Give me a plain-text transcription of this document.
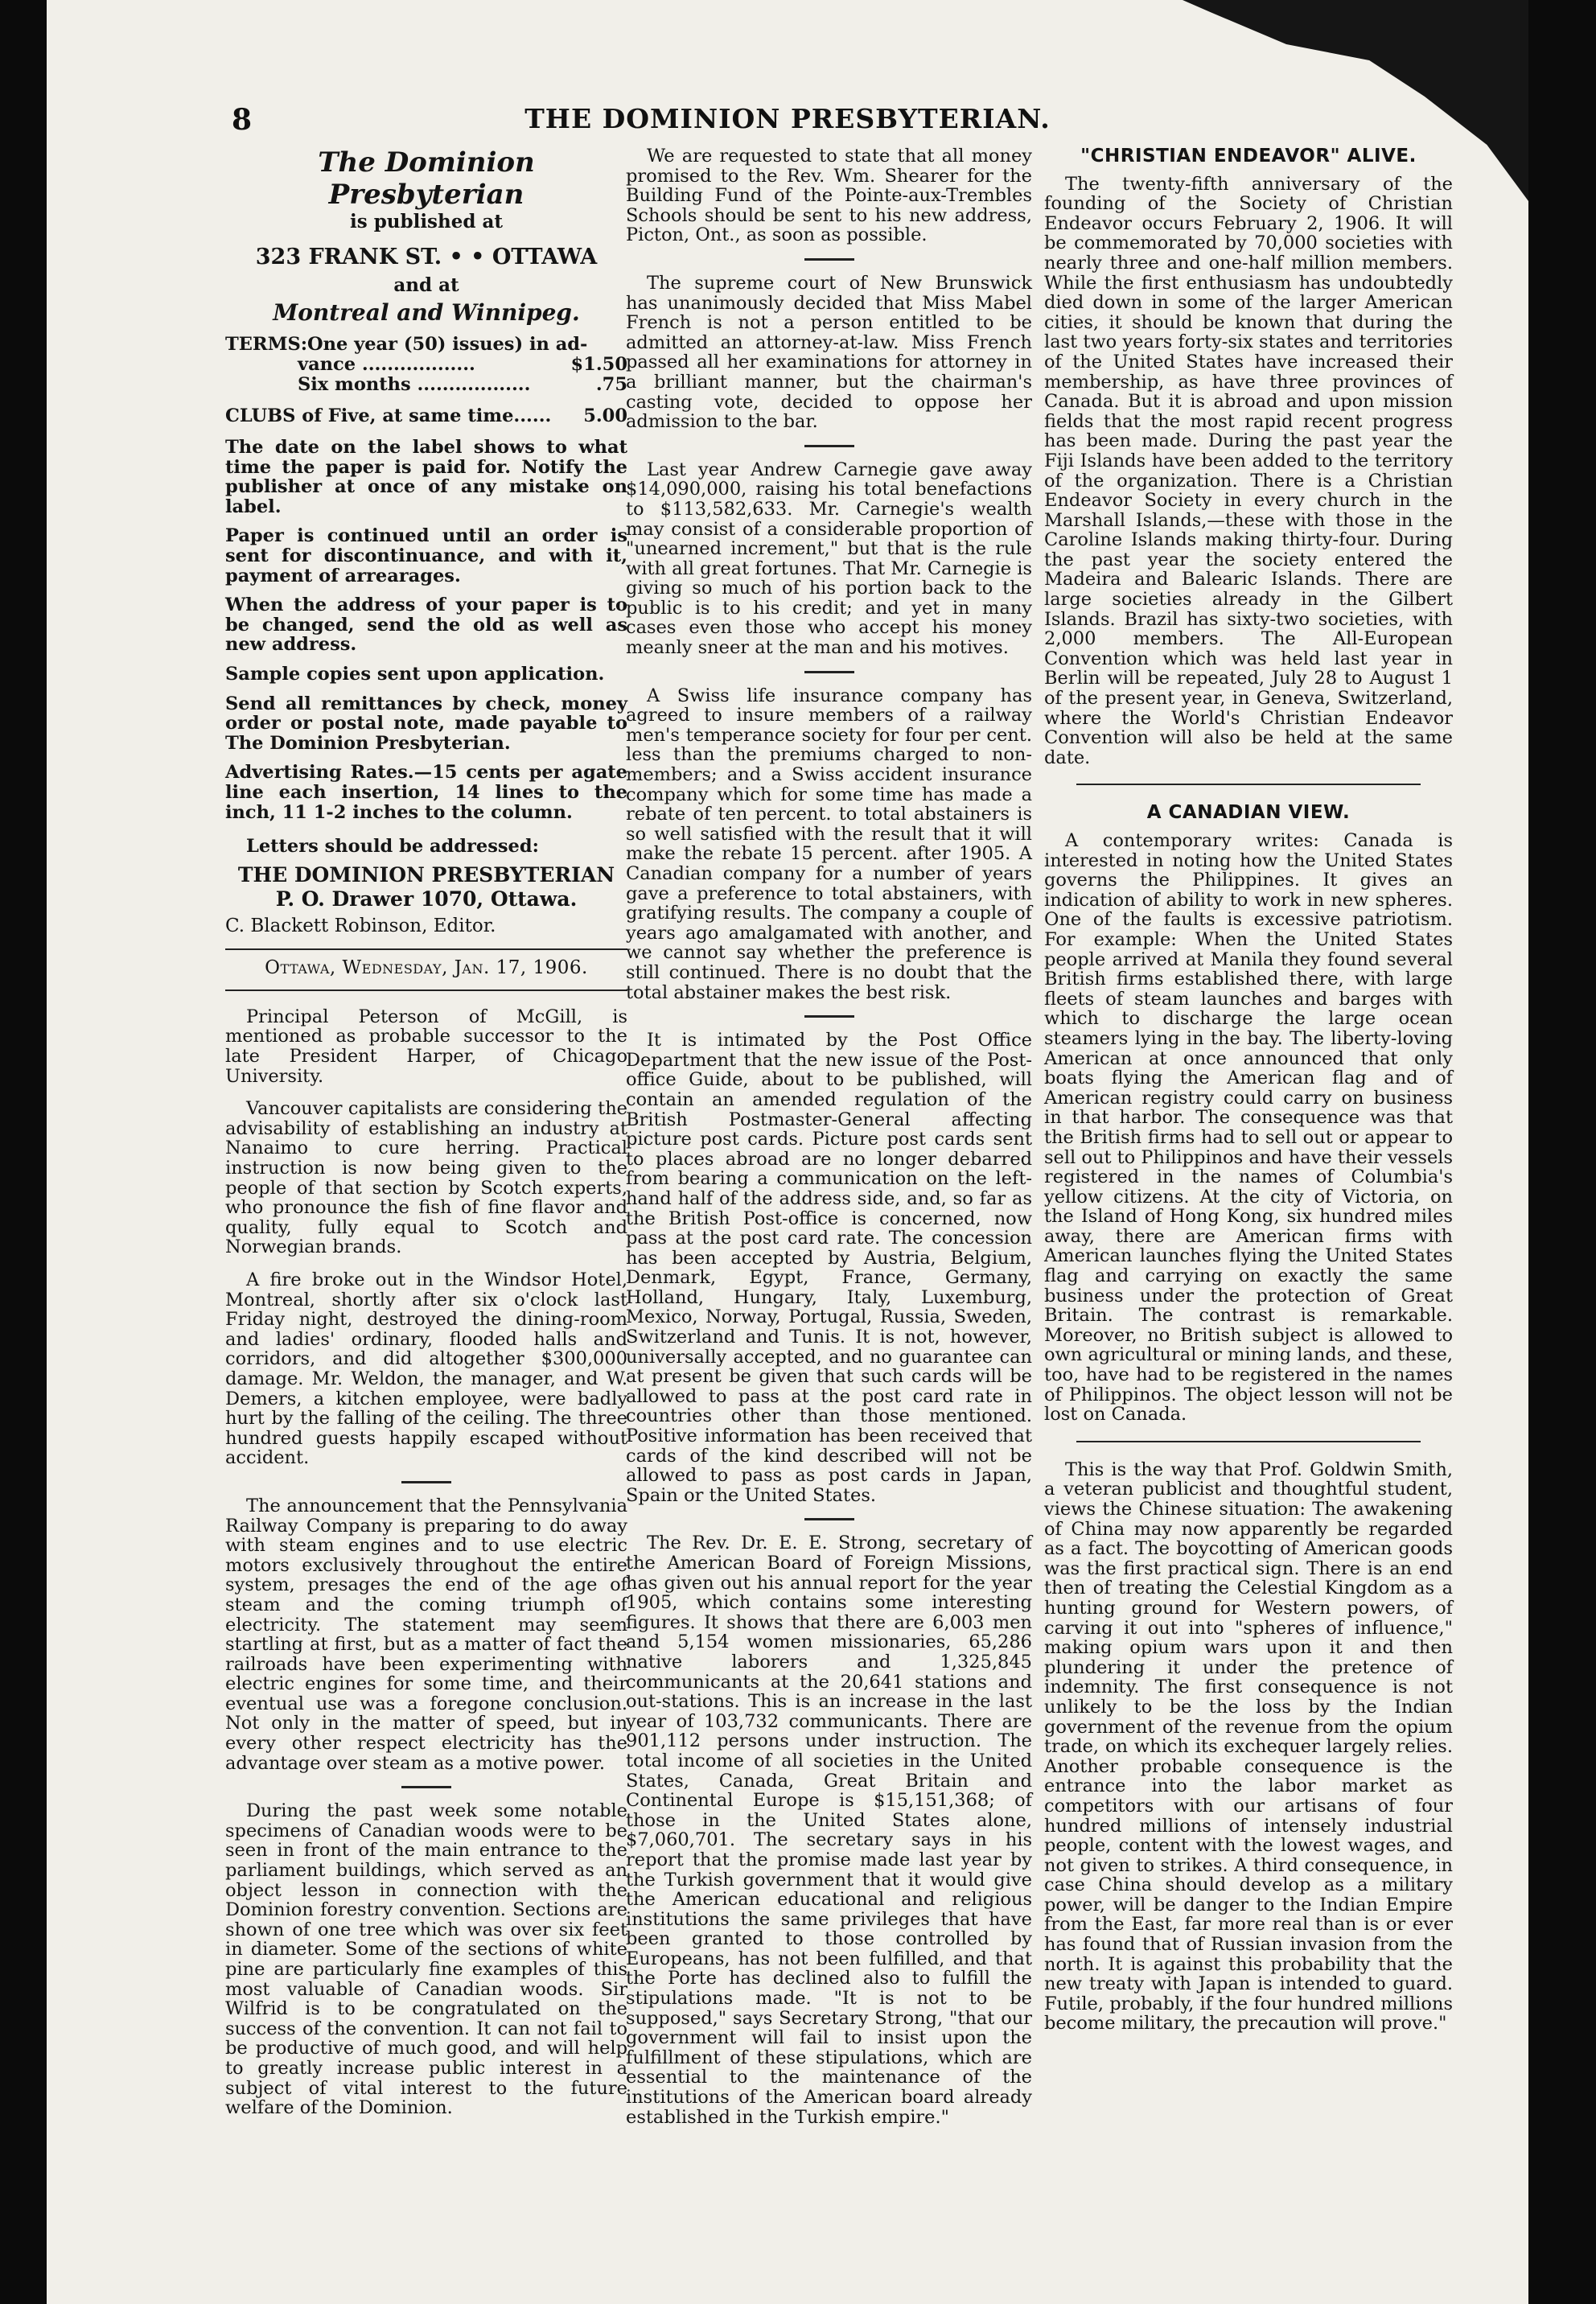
8	THE DOMINION PRESBYTERIAN.
The Dominion Presbyterian
is published at
323 FRANK ST. • • OTTAWA
and at
Montreal and Winnipeg.
TERMS:One year (50) issues) in ad-
vance ..................	$1.50
Six months ..................	.75
CLUBS of Five, at same time...... 5.00

The date on the label shows to what time the paper is paid for. Notify the publisher at once of any mistake on label.

Paper is continued until an order is sent for discontinuance, and with it, payment of arrearages.

When the address of your paper is to be changed, send the old as well as new address.

Sample copies sent upon application.

Send all remittances by check, money order or postal note, made payable to The Dominion Presbyterian.

Advertising Rates.—15 cents per agate line each insertion, 14 lines to the inch, 11 1-2 inches to the column.

Letters should be addressed:
THE DOMINION PRESBYTERIAN
P. O. Drawer 1070, Ottawa.

C. Blackett Robinson, Editor.

Ottawa, Wednesday, Jan. 17, 1906.

Principal Peterson of McGill, is mentioned as probable successor to the late President Harper, of Chicago University.

Vancouver capitalists are considering the advisability of establishing an industry at Nanaimo to cure herring. Practical instruction is now being given to the people of that section by Scotch experts, who pronounce the fish of fine flavor and quality, fully equal to Scotch and Norwegian brands.

A fire broke out in the Windsor Hotel, Montreal, shortly after six o'clock last Friday night, destroyed the dining-room and ladies' ordinary, flooded halls and corridors, and did altogether $300,000 damage. Mr. Weldon, the manager, and W. Demers, a kitchen employee, were badly hurt by the falling of the ceiling. The three hundred guests happily escaped without accident.

The announcement that the Pennsylvania Railway Company is preparing to do away with steam engines and to use electric motors exclusively throughout the entire system, presages the end of the age of steam and the coming triumph of electricity. The statement may seem startling at first, but as a matter of fact the railroads have been experimenting with electric engines for some time, and their eventual use was a foregone conclusion. Not only in the matter of speed, but in every other respect electricity has the advantage over steam as a motive power.

During the past week some notable specimens of Canadian woods were to be seen in front of the main entrance to the parliament buildings, which served as an object lesson in connection with the Dominion forestry convention. Sections are shown of one tree which was over six feet in diameter. Some of the sections of white pine are particularly fine examples of this most valuable of Canadian woods. Sir Wilfrid is to be congratulated on the success of the convention. It can not fail to be productive of much good, and will help to greatly increase public interest in a subject of vital interest to the future welfare of the Dominion.

We are requested to state that all money promised to the Rev. Wm. Shearer for the Building Fund of the Pointe-aux-Trembles Schools should be sent to his new address, Picton, Ont., as soon as possible.

The supreme court of New Brunswick has unanimously decided that Miss Mabel French is not a person entitled to be admitted an attorney-at-law. Miss French passed all her examinations for attorney in a brilliant manner, but the chairman's casting vote, decided to oppose her admission to the bar.

Last year Andrew Carnegie gave away $14,090,000, raising his total benefactions to $113,582,633. Mr. Carnegie's wealth may consist of a considerable proportion of "unearned increment," but that is the rule with all great fortunes. That Mr. Carnegie is giving so much of his portion back to the public is to his credit; and yet in many cases even those who accept his money meanly sneer at the man and his motives.

A Swiss life insurance company has agreed to insure members of a railway men's temperance society for four per cent. less than the premiums charged to non-members; and a Swiss accident insurance company which for some time has made a rebate of ten percent. to total abstainers is so well satisfied with the result that it will make the rebate 15 percent. after 1905. A Canadian company for a number of years gave a preference to total abstainers, with gratifying results. The company a couple of years ago amalgamated with another, and we cannot say whether the preference is still continued. There is no doubt that the total abstainer makes the best risk.

It is intimated by the Post Office Department that the new issue of the Post-office Guide, about to be published, will contain an amended regulation of the British Postmaster-General affecting picture post cards. Picture post cards sent to places abroad are no longer debarred from bearing a communication on the left-hand half of the address side, and, so far as the British Post-office is concerned, now pass at the post card rate. The concession has been accepted by Austria, Belgium, Denmark, Egypt, France, Germany, Holland, Hungary, Italy, Luxemburg, Mexico, Norway, Portugal, Russia, Sweden, Switzerland and Tunis. It is not, however, universally accepted, and no guarantee can at present be given that such cards will be allowed to pass at the post card rate in countries other than those mentioned. Positive information has been received that cards of the kind described will not be allowed to pass as post cards in Japan, Spain or the United States.

The Rev. Dr. E. E. Strong, secretary of the American Board of Foreign Missions, has given out his annual report for the year 1905, which contains some interesting figures. It shows that there are 6,003 men and 5,154 women missionaries, 65,286 native laborers and 1,325,845 communicants at the 20,641 stations and out-stations. This is an increase in the last year of 103,732 communicants. There are 901,112 persons under instruction. The total income of all societies in the United States, Canada, Great Britain and Continental Europe is $15,151,368; of those in the United States alone, $7,060,701. The secretary says in his report that the promise made last year by the Turkish government that it would give the American educational and religious institutions the same privileges that have been granted to those controlled by Europeans, has not been fulfilled, and that the Porte has declined also to fulfill the stipulations made. "It is not to be supposed," says Secretary Strong, "that our government will fail to insist upon the fulfillment of these stipulations, which are essential to the maintenance of the institutions of the American board already established in the Turkish empire."

"CHRISTIAN ENDEAVOR" ALIVE.

The twenty-fifth anniversary of the founding of the Society of Christian Endeavor occurs February 2, 1906. It will be commemorated by 70,000 societies with nearly three and one-half million members. While the first enthusiasm has undoubtedly died down in some of the larger American cities, it should be known that during the last two years forty-six states and territories of the United States have increased their membership, as have three provinces of Canada. But it is abroad and upon mission fields that the most rapid recent progress has been made. During the past year the Fiji Islands have been added to the territory of the organization. There is a Christian Endeavor Society in every church in the Marshall Islands,—these with those in the Caroline Islands making thirty-four. During the past year the society entered the Madeira and Balearic Islands. There are large societies already in the Gilbert Islands. Brazil has sixty-two societies, with 2,000 members. The All-European Convention which was held last year in Berlin will be repeated, July 28 to August 1 of the present year, in Geneva, Switzerland, where the World's Christian Endeavor Convention will also be held at the same date.

A CANADIAN VIEW.

A contemporary writes: Canada is interested in noting how the United States governs the Philippines. It gives an indication of ability to work in new spheres. One of the faults is excessive patriotism. For example: When the United States people arrived at Manila they found several British firms established there, with large fleets of steam launches and barges with which to discharge the large ocean steamers lying in the bay. The liberty-loving American at once announced that only boats flying the American flag and of American registry could carry on business in that harbor. The consequence was that the British firms had to sell out or appear to sell out to Philippinos and have their vessels registered in the names of Columbia's yellow citizens. At the city of Victoria, on the Island of Hong Kong, six hundred miles away, there are American firms with American launches flying the United States flag and carrying on exactly the same business under the protection of Great Britain. The contrast is remarkable. Moreover, no British subject is allowed to own agricultural or mining lands, and these, too, have had to be registered in the names of Philippinos. The object lesson will not be lost on Canada.

This is the way that Prof. Goldwin Smith, a veteran publicist and thoughtful student, views the Chinese situation: The awakening of China may now apparently be regarded as a fact. The boycotting of American goods was the first practical sign. There is an end then of treating the Celestial Kingdom as a hunting ground for Western powers, of carving it out into "spheres of influence," making opium wars upon it and then plundering it under the pretence of indemnity. The first consequence is not unlikely to be the loss by the Indian government of the revenue from the opium trade, on which its exchequer largely relies. Another probable consequence is the entrance into the labor market as competitors with our artisans of four hundred millions of intensely industrial people, content with the lowest wages, and not given to strikes. A third consequence, in case China should develop as a military power, will be danger to the Indian Empire from the East, far more real than is or ever has found that of Russian invasion from the north. It is against this probability that the new treaty with Japan is intended to guard. Futile, probably, if the four hundred millions become military, the precaution will prove."
